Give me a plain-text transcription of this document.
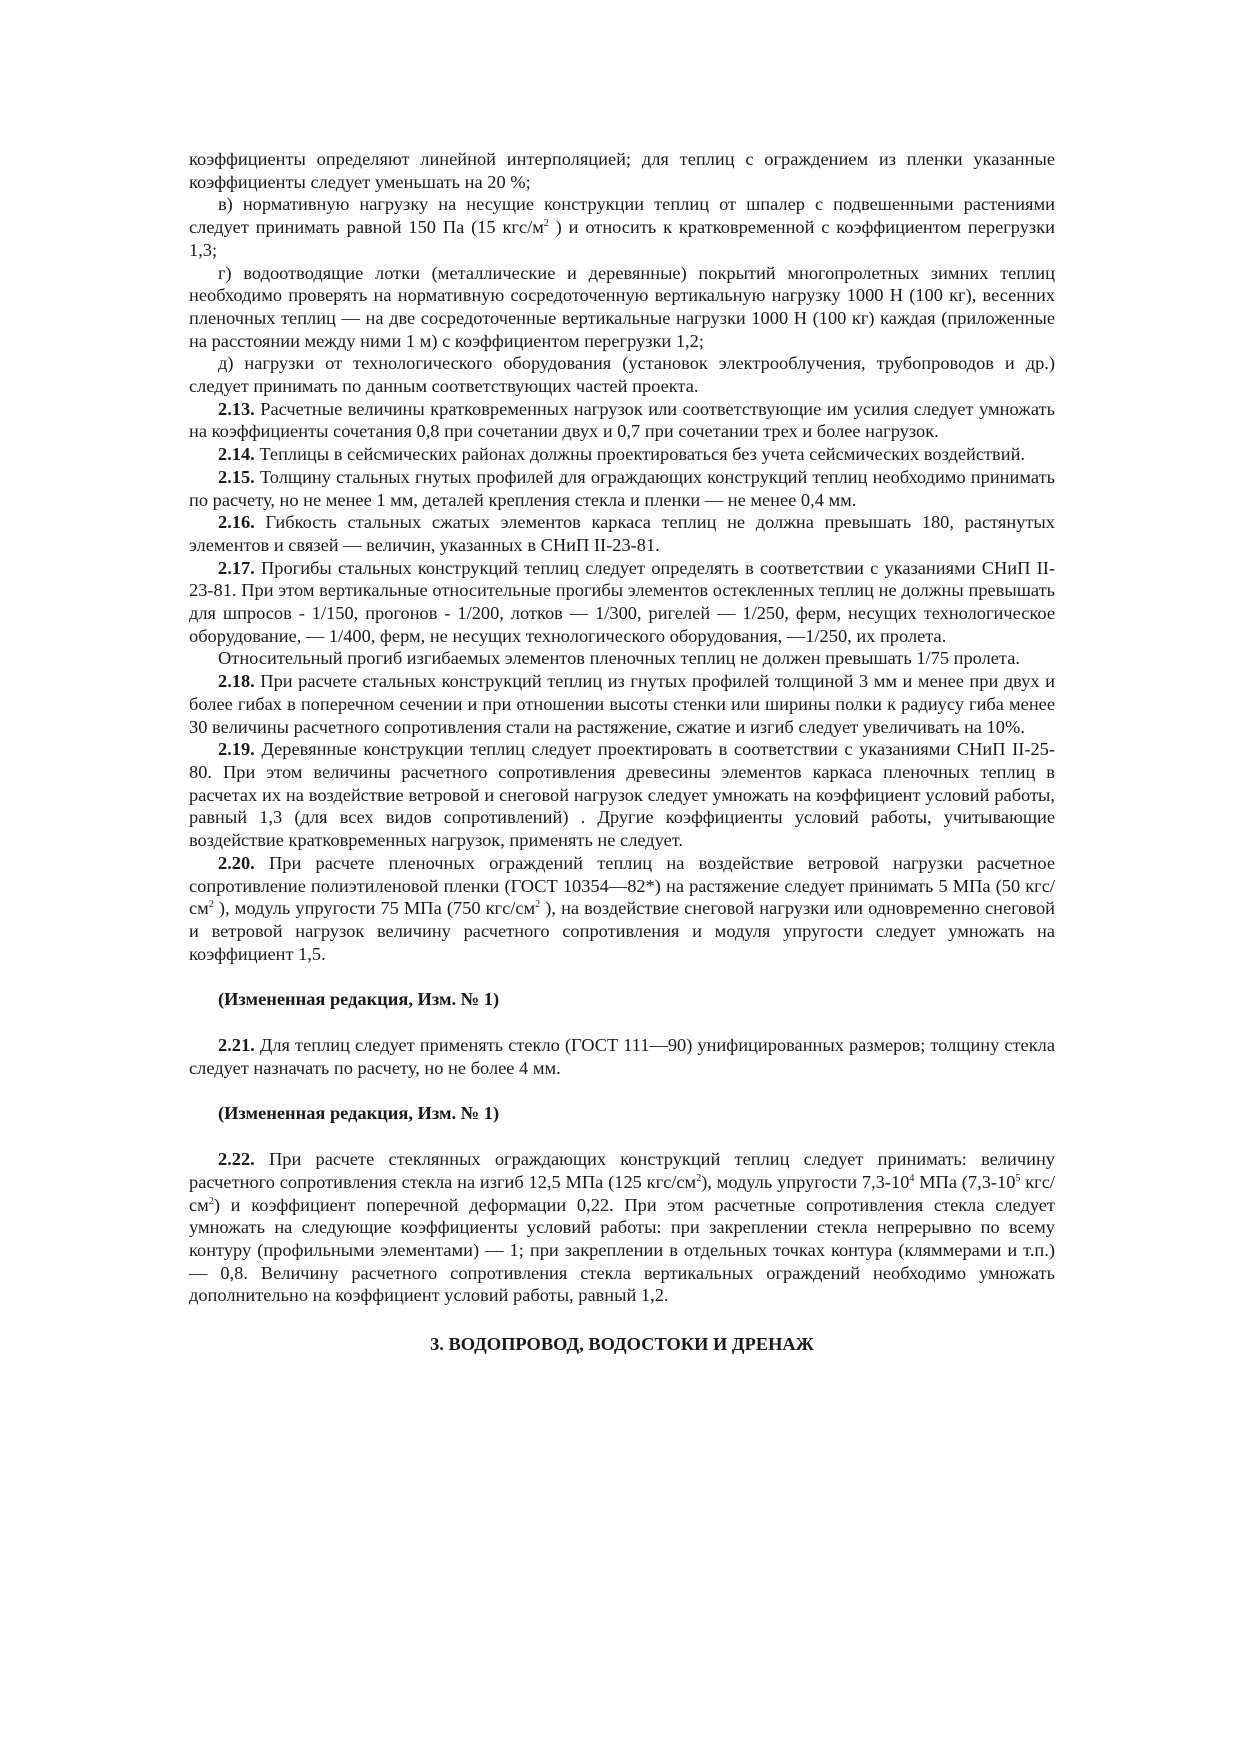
коэффициенты определяют линейной интерполяцией; для теплиц с ограждением из пленки указанные коэффициенты следует уменьшать на 20 %;

в) нормативную нагрузку на несущие конструкции теплиц от шпалер с подвешенными растениями следует принимать равной 150 Па (15 кгс/$м^2$ ) и относить к кратковременной с коэффициентом перегрузки 1,3;

г) водоотводящие лотки (металлические и деревянные) покрытий многопролетных зимних теплиц необходимо проверять на нормативную сосредоточенную вертикальную нагрузку 1000 Н (100 кг), весенних пленочных теплиц — на две сосредоточенные вертикальные нагрузки 1000 Н (100 кг) каждая (приложенные на расстоянии между ними 1 м) с коэффициентом перегрузки 1,2;

д) нагрузки от технологического оборудования (установок электрооблучения, трубопроводов и др.) следует принимать по данным соответствующих частей проекта.

2.13. Расчетные величины кратковременных нагрузок или соответствующие им усилия следует умножать на коэффициенты сочетания 0,8 при сочетании двух и 0,7 при сочетании трех и более нагрузок.

2.14. Теплицы в сейсмических районах должны проектироваться без учета сейсмических воздействий.

2.15. Толщину стальных гнутых профилей для ограждающих конструкций теплиц необходимо принимать по расчету, но не менее 1 мм, деталей крепления стекла и пленки — не менее 0,4 мм.

2.16. Гибкость стальных сжатых элементов каркаса теплиц не должна превышать 180, растянутых элементов и связей — величин, указанных в СНиП II-23-81.

2.17. Прогибы стальных конструкций теплиц следует определять в соответствии с указаниями СНиП II-23-81. При этом вертикальные относительные прогибы элементов остекленных теплиц не должны превышать для шпросов - 1/150, прогонов - 1/200, лотков — 1/300, ригелей — 1/250, ферм, несущих технологическое оборудование, — 1/400, ферм, не несущих технологического оборудования, —1/250, их пролета.

Относительный прогиб изгибаемых элементов пленочных теплиц не должен превышать 1/75 пролета.

2.18. При расчете стальных конструкций теплиц из гнутых профилей толщиной 3 мм и менее при двух и более гибах в поперечном сечении и при отношении высоты стенки или ширины полки к радиусу гиба менее 30 величины расчетного сопротивления стали на растяжение, сжатие и изгиб следует увеличивать на 10%.

2.19. Деревянные конструкции теплиц следует проектировать в соответствии с указаниями СНиП II-25-80. При этом величины расчетного сопротивления древесины элементов каркаса пленочных теплиц в расчетах их на воздействие ветровой и снеговой нагрузок следует умножать на коэффициент условий работы, равный 1,3 (для всех видов сопротивлений) . Другие коэффициенты условий работы, учитывающие воздействие кратковременных нагрузок, применять не следует.

2.20. При расчете пленочных ограждений теплиц на воздействие ветровой нагрузки расчетное сопротивление полиэтиленовой пленки (ГОСТ 10354—82*) на растяжение следует принимать 5 МПа (50 кгс/$см^2$ ), модуль упругости 75 МПа (750 кгс/$см^2$ ), на воздействие снеговой нагрузки или одновременно снеговой и ветровой нагрузок величину расчетного сопротивления и модуля упругости следует умножать на коэффициент 1,5.

(Измененная редакция, Изм. № 1)

2.21. Для теплиц следует применять стекло (ГОСТ 111—90) унифицированных размеров; толщину стекла следует назначать по расчету, но не более 4 мм.

(Измененная редакция, Изм. № 1)

2.22. При расчете стеклянных ограждающих конструкций теплиц следует принимать: величину расчетного сопротивления стекла на изгиб 12,5 МПа (125 кгс/$см^2$), модуль упругости $7,3-10^4$ МПа ($7,3-10^5$ кгс/$см^2$) и коэффициент поперечной деформации 0,22. При этом расчетные сопротивления стекла следует умножать на следующие коэффициенты условий работы: при закреплении стекла непрерывно по всему контуру (профильными элементами) — 1; при закреплении в отдельных точках контура (кляммерами и т.п.) — 0,8. Величину расчетного сопротивления стекла вертикальных ограждений необходимо умножать дополнительно на коэффициент условий работы, равный 1,2.

3. ВОДОПРОВОД, ВОДОСТОКИ И ДРЕНАЖ
